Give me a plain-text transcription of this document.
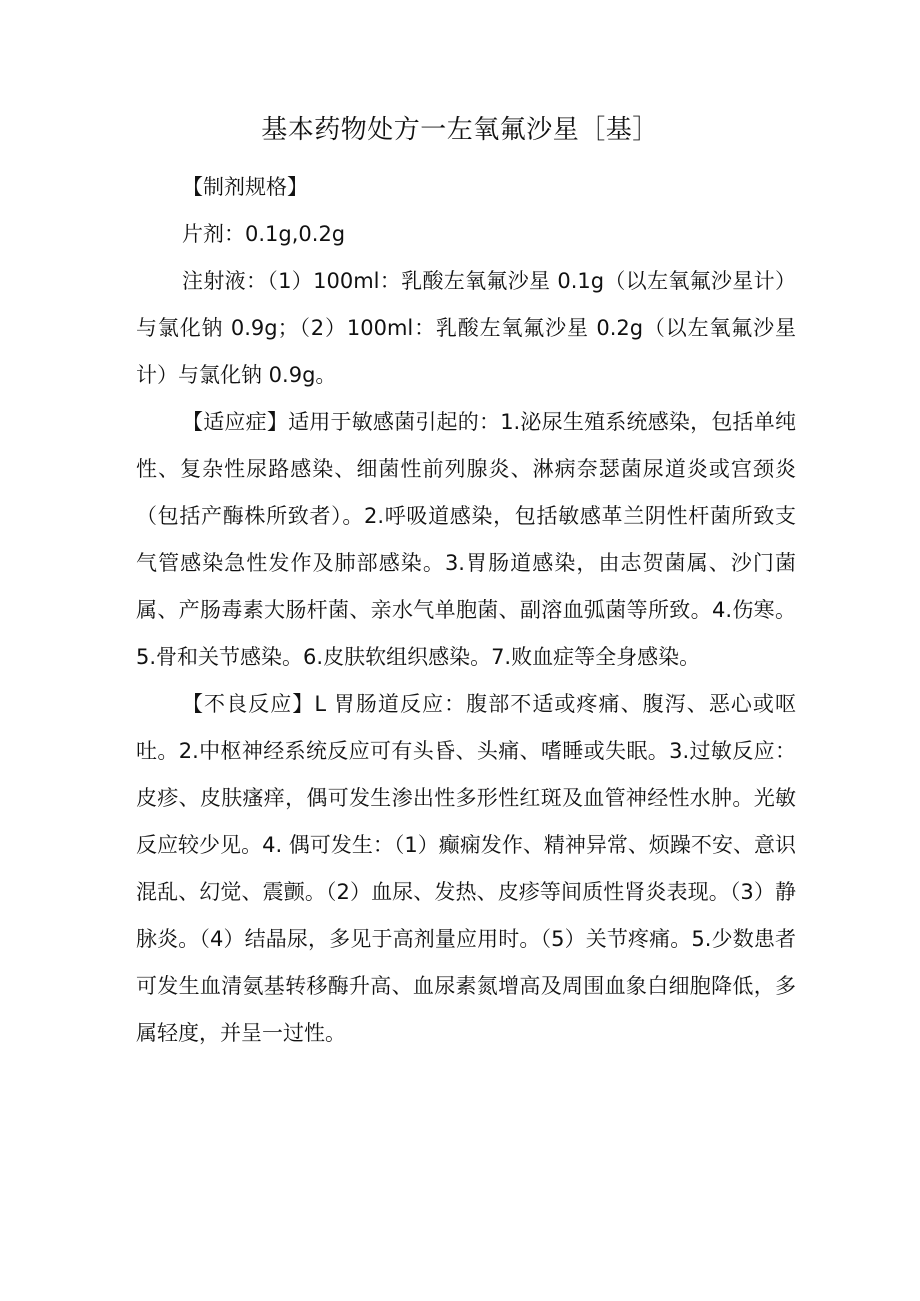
基本药物处方一左氧氟沙星［基］

【制剂规格】

片剂：0.1g,0.2g

注射液：（1）100ml：乳酸左氧氟沙星 0.1g（以左氧氟沙星计）与氯化钠 0.9g；（2）100ml：乳酸左氧氟沙星 0.2g（以左氧氟沙星计）与氯化钠 0.9g。

【适应症】适用于敏感菌引起的：1.泌尿生殖系统感染，包括单纯性、复杂性尿路感染、细菌性前列腺炎、淋病奈瑟菌尿道炎或宫颈炎（包括产酶株所致者）。2.呼吸道感染，包括敏感革兰阴性杆菌所致支气管感染急性发作及肺部感染。3.胃肠道感染，由志贺菌属、沙门菌属、产肠毒素大肠杆菌、亲水气单胞菌、副溶血弧菌等所致。4.伤寒。5.骨和关节感染。6.皮肤软组织感染。7.败血症等全身感染。

【不良反应】L 胃肠道反应：腹部不适或疼痛、腹泻、恶心或呕吐。2.中枢神经系统反应可有头昏、头痛、嗜睡或失眠。3.过敏反应：皮疹、皮肤瘙痒，偶可发生渗出性多形性红斑及血管神经性水肿。光敏反应较少见。4. 偶可发生：（1）癫痫发作、精神异常、烦躁不安、意识混乱、幻觉、震颤。（2）血尿、发热、皮疹等间质性肾炎表现。（3）静脉炎。（4）结晶尿，多见于高剂量应用时。（5）关节疼痛。5.少数患者可发生血清氨基转移酶升高、血尿素氮增高及周围血象白细胞降低，多属轻度，并呈一过性。
